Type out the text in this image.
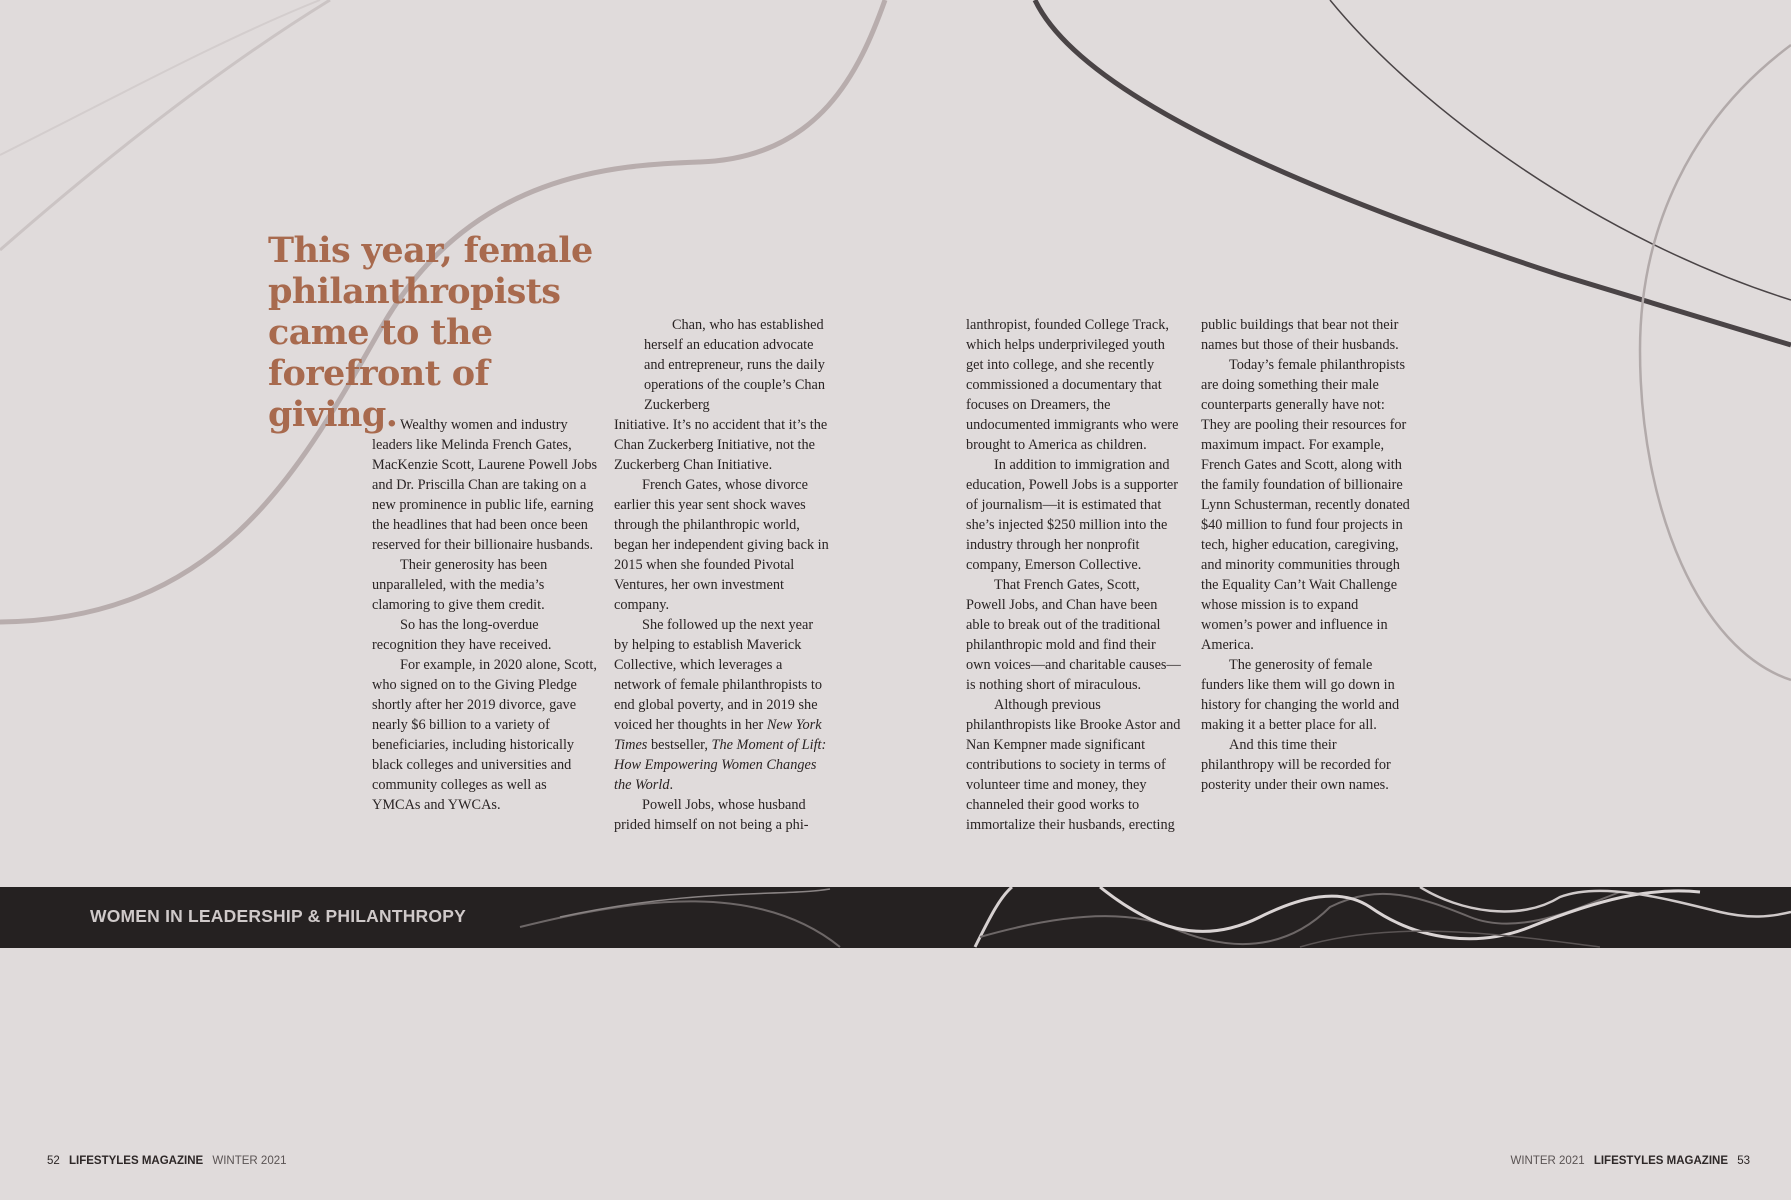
This year, female philanthropists came to the forefront of giving. Wealthy women and industry leaders like Melinda French Gates, MacKenzie Scott, Laurene Powell Jobs and Dr. Priscilla Chan are taking on a new prominence in public life, earning the headlines that had been once been reserved for their billionaire husbands.

Their generosity has been unparalleled, with the media’s clamoring to give them credit.

So has the long-overdue recognition they have received.

For example, in 2020 alone, Scott, who signed on to the Giving Pledge shortly after her 2019 divorce, gave nearly $6 billion to a variety of beneficiaries, including historically black colleges and universities and community colleges as well as YMCAs and YWCAs.

Chan, who has established herself an education advocate and entrepreneur, runs the daily operations of the couple’s Chan Zuckerberg

Initiative. It’s no accident that it’s the Chan Zuckerberg Initiative, not the Zuckerberg Chan Initiative.

French Gates, whose divorce earlier this year sent shock waves through the philanthropic world, began her independent giving back in 2015 when she founded Pivotal Ventures, her own investment company.

She followed up the next year by helping to establish Maverick Collective, which leverages a network of female philanthropists to end global poverty, and in 2019 she voiced her thoughts in her New York Times bestseller, The Moment of Lift: How Empowering Women Changes the World.

Powell Jobs, whose husband prided himself on not being a phi-

lanthropist, founded College Track, which helps underprivileged youth get into college, and she recently commissioned a documentary that focuses on Dreamers, the undocumented immigrants who were brought to America as children.

In addition to immigration and education, Powell Jobs is a supporter of journalism—it is estimated that she’s injected $250 million into the industry through her nonprofit company, Emerson Collective.

That French Gates, Scott, Powell Jobs, and Chan have been able to break out of the traditional philanthropic mold and find their own voices—and charitable causes—is nothing short of miraculous.

Although previous philanthropists like Brooke Astor and Nan Kempner made significant contributions to society in terms of volunteer time and money, they channeled their good works to immortalize their husbands, erecting

public buildings that bear not their names but those of their husbands.

Today’s female philanthropists are doing something their male counterparts generally have not: They are pooling their resources for maximum impact. For example, French Gates and Scott, along with the family foundation of billionaire Lynn Schusterman, recently donated $40 million to fund four projects in tech, higher education, caregiving, and minority communities through the Equality Can’t Wait Challenge whose mission is to expand women’s power and influence in America.

The generosity of female funders like them will go down in history for changing the world and making it a better place for all.

And this time their philanthropy will be recorded for posterity under their own names.

WOMEN IN LEADERSHIP & PHILANTHROPY
52 LIFESTYLES MAGAZINE WINTER 2021	WINTER 2021 LIFESTYLES MAGAZINE 53
